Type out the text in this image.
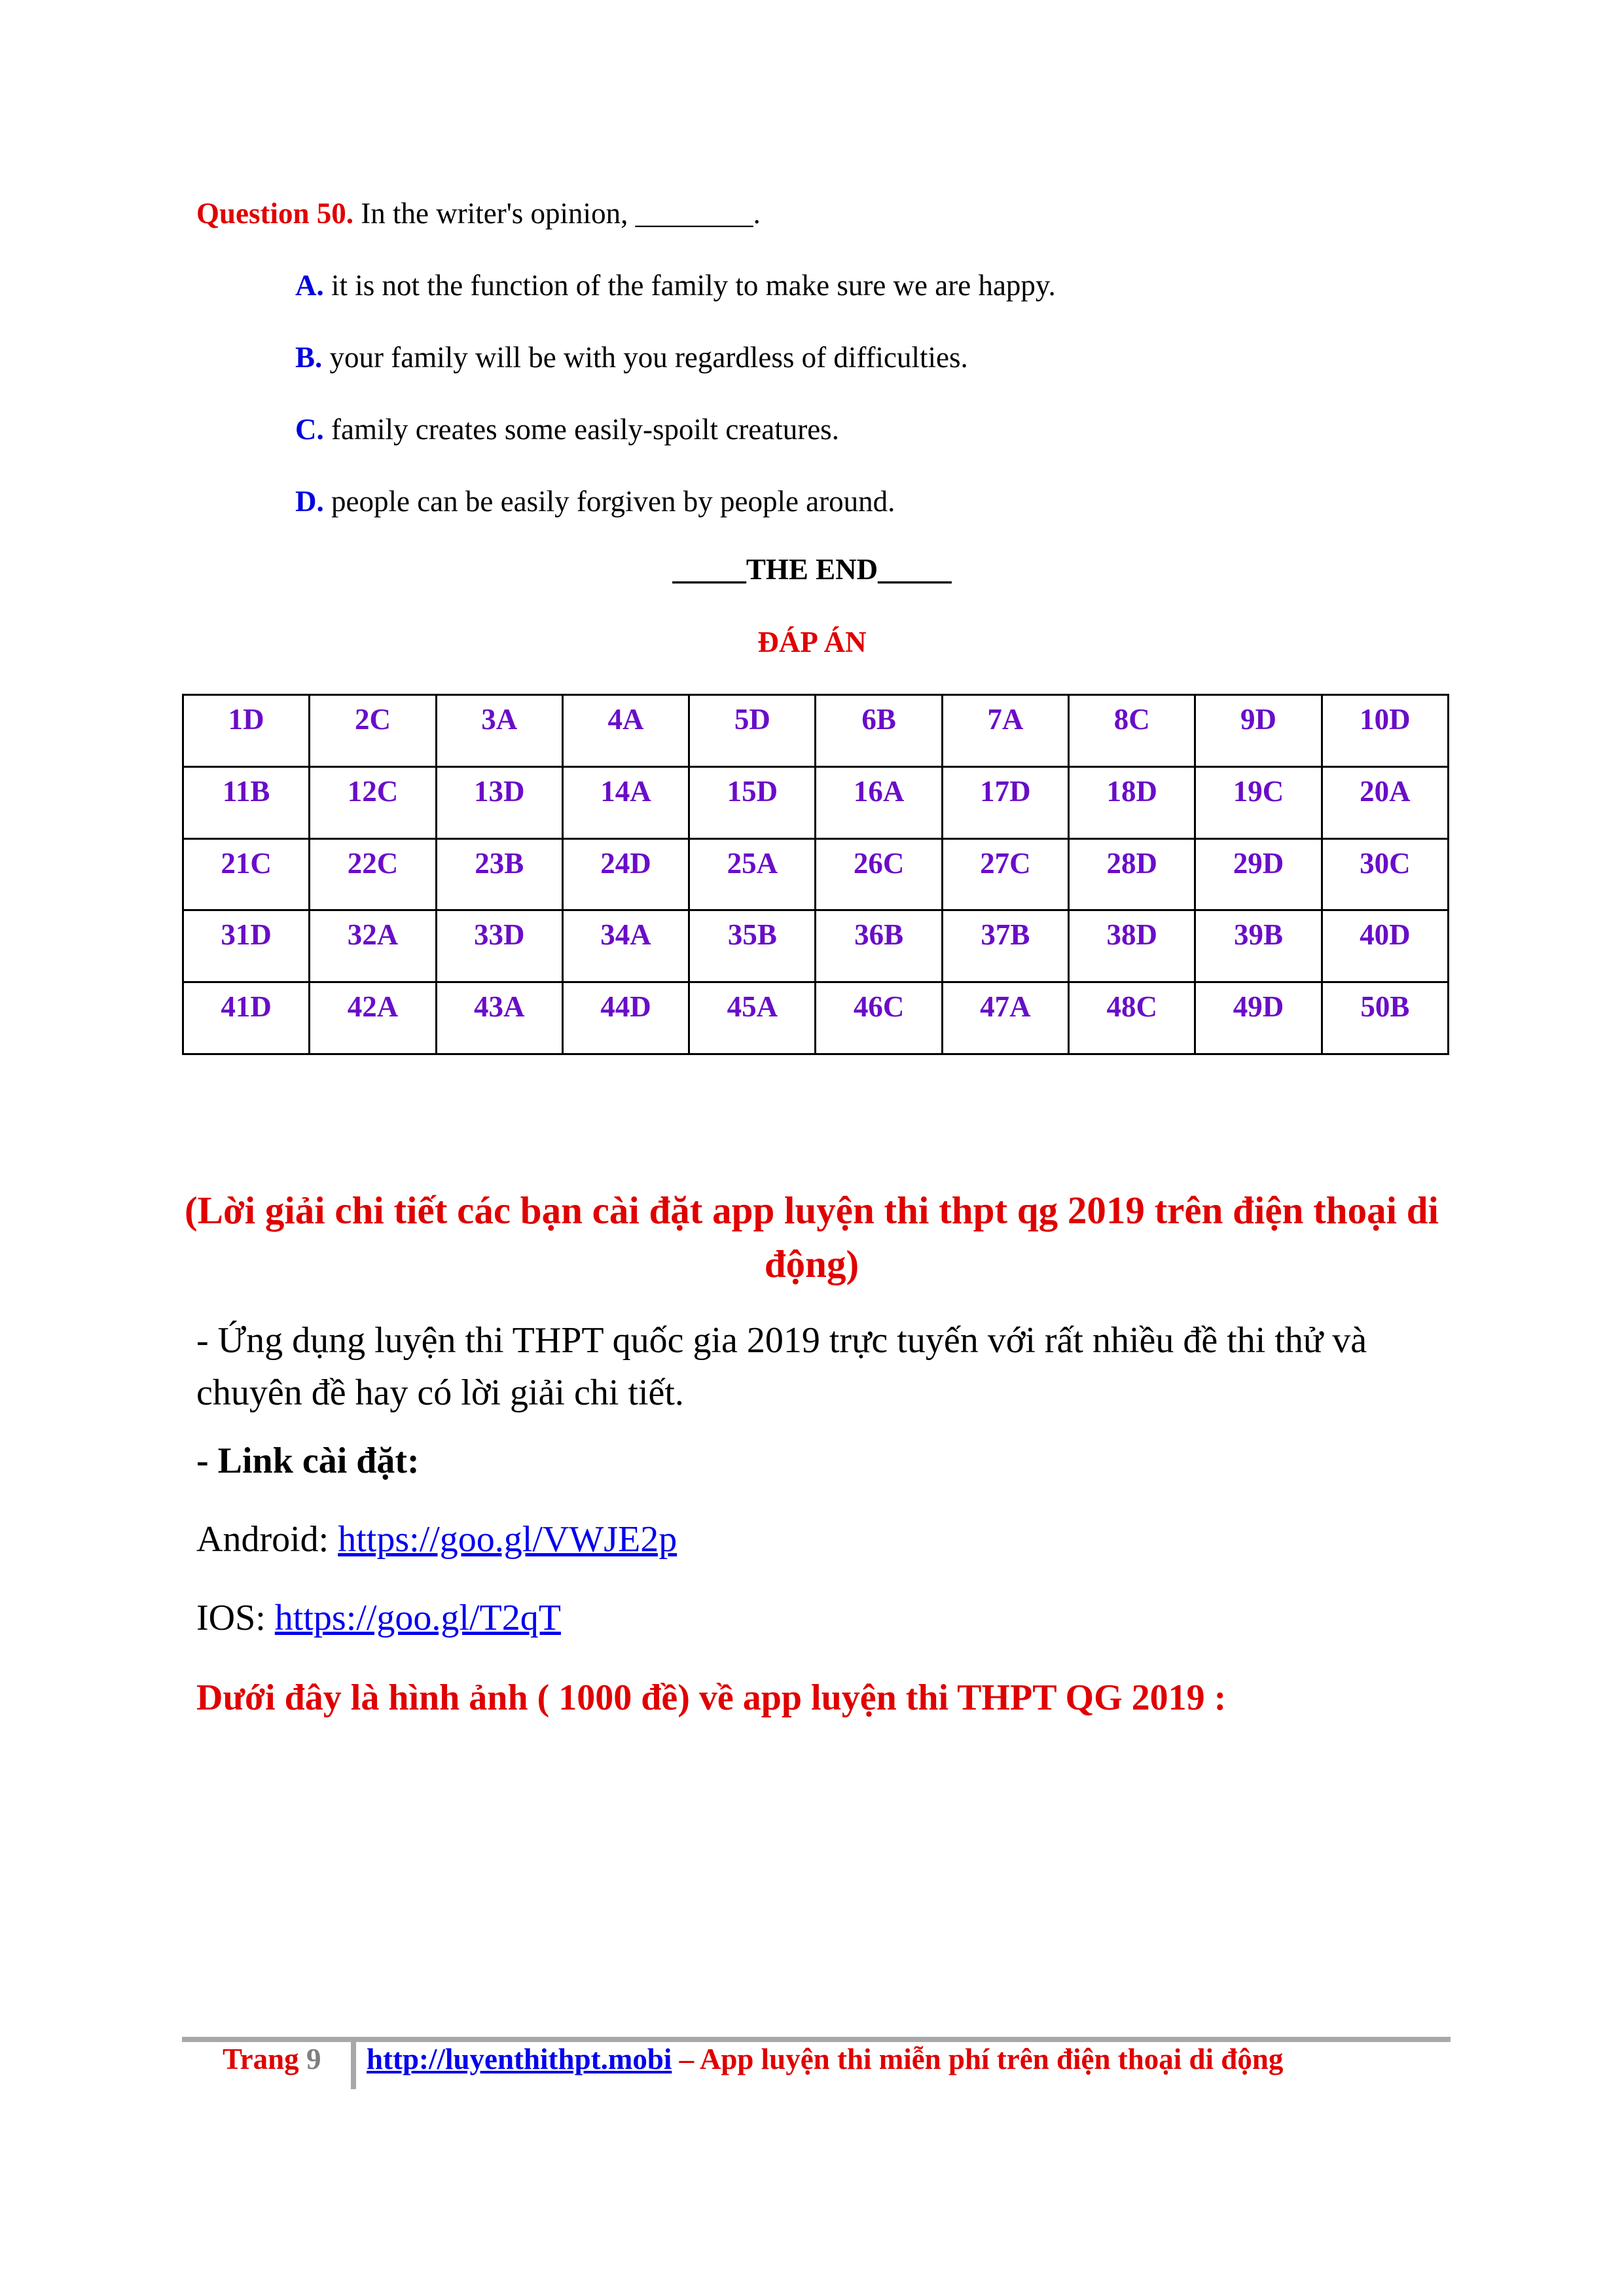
Question 50. In the writer's opinion, ________.
A. it is not the function of the family to make sure we are happy.
B. your family will be with you regardless of difficulties.
C. family creates some easily-spoilt creatures.
D. people can be easily forgiven by people around.
_____THE END_____
ĐÁP ÁN
1D	2C	3A	4A	5D	6B	7A	8C	9D	10D
11B	12C	13D	14A	15D	16A	17D	18D	19C	20A
21C	22C	23B	24D	25A	26C	27C	28D	29D	30C
31D	32A	33D	34A	35B	36B	37B	38D	39B	40D
41D	42A	43A	44D	45A	46C	47A	48C	49D	50B
(Lời giải chi tiết các bạn cài đặt app luyện thi thpt qg 2019 trên điện thoại di động)
- Ứng dụng luyện thi THPT quốc gia 2019 trực tuyến với rất nhiều đề thi thử và chuyên đề hay có lời giải chi tiết.
- Link cài đặt:
Android: https://goo.gl/VWJE2p
IOS: https://goo.gl/T2qT
Dưới đây là hình ảnh ( 1000 đề) về app luyện thi THPT QG 2019 :
Trang 9 http://luyenthithpt.mobi – App luyện thi miễn phí trên điện thoại di động
